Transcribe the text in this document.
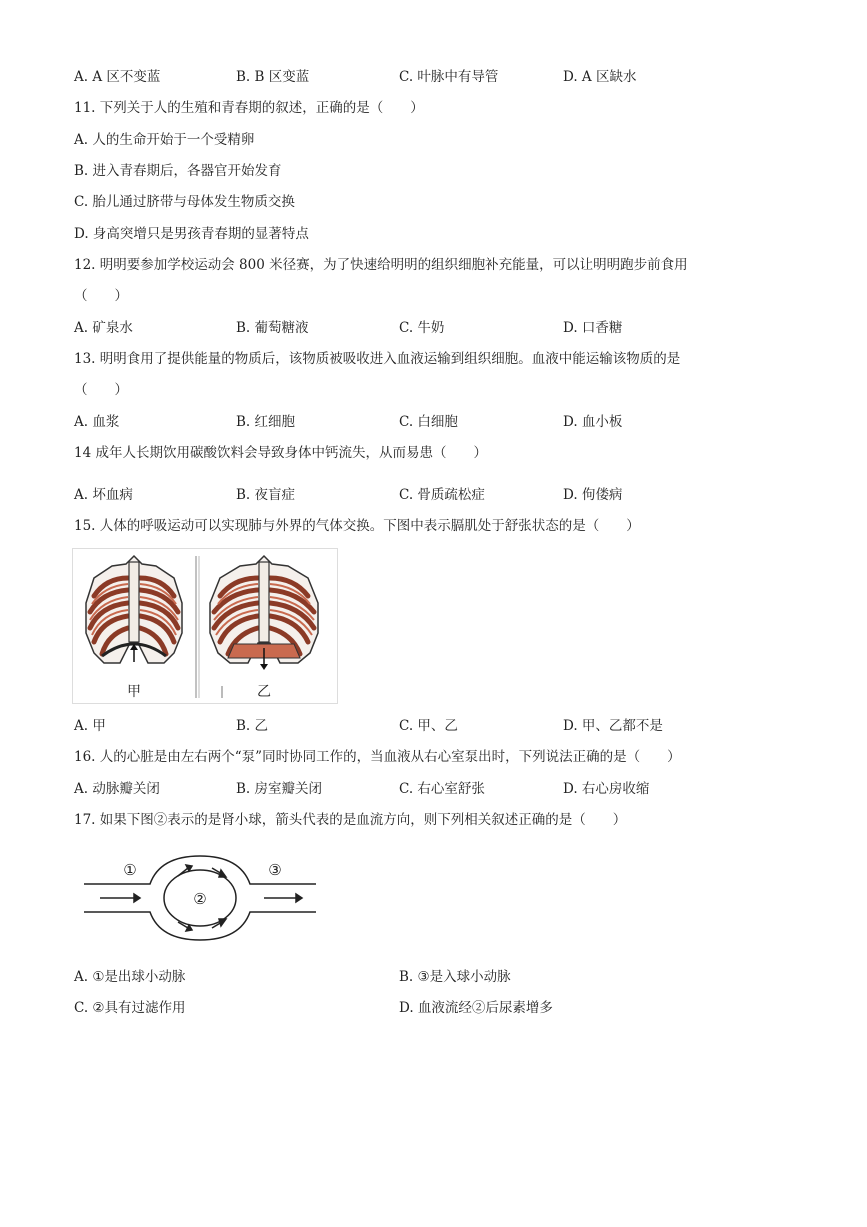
A. A 区不变蓝	B. B 区变蓝	C. 叶脉中有导管	D. A 区缺水
11. 下列关于人的生殖和青春期的叙述，正确的是（　　）
A. 人的生命开始于一个受精卵
B. 进入青春期后，各器官开始发育
C. 胎儿通过脐带与母体发生物质交换
D. 身高突增只是男孩青春期的显著特点
12. 明明要参加学校运动会 800 米径赛，为了快速给明明的组织细胞补充能量，可以让明明跑步前食用
（　　）
A. 矿泉水	B. 葡萄糖液	C. 牛奶	D. 口香糖
13. 明明食用了提供能量的物质后，该物质被吸收进入血液运输到组织细胞。血液中能运输该物质的是
（　　）
A. 血浆	B. 红细胞	C. 白细胞	D. 血小板
14 成年人长期饮用碳酸饮料会导致身体中钙流失，从而易患（　　）
A. 坏血病	B. 夜盲症	C. 骨质疏松症	D. 佝偻病
15. 人体的呼吸运动可以实现肺与外界的气体交换。下图中表示膈肌处于舒张状态的是（　　）
甲	乙
A. 甲	B. 乙	C. 甲、乙	D. 甲、乙都不是
16. 人的心脏是由左右两个“泵”同时协同工作的，当血液从右心室泵出时，下列说法正确的是（　　）
A. 动脉瓣关闭	B. 房室瓣关闭	C. 右心室舒张	D. 右心房收缩
17. 如果下图②表示的是肾小球，箭头代表的是血流方向，则下列相关叙述正确的是（　　）
①
②
③
A. ①是出球小动脉	B. ③是入球小动脉
C. ②具有过滤作用	D. 血液流经②后尿素增多
